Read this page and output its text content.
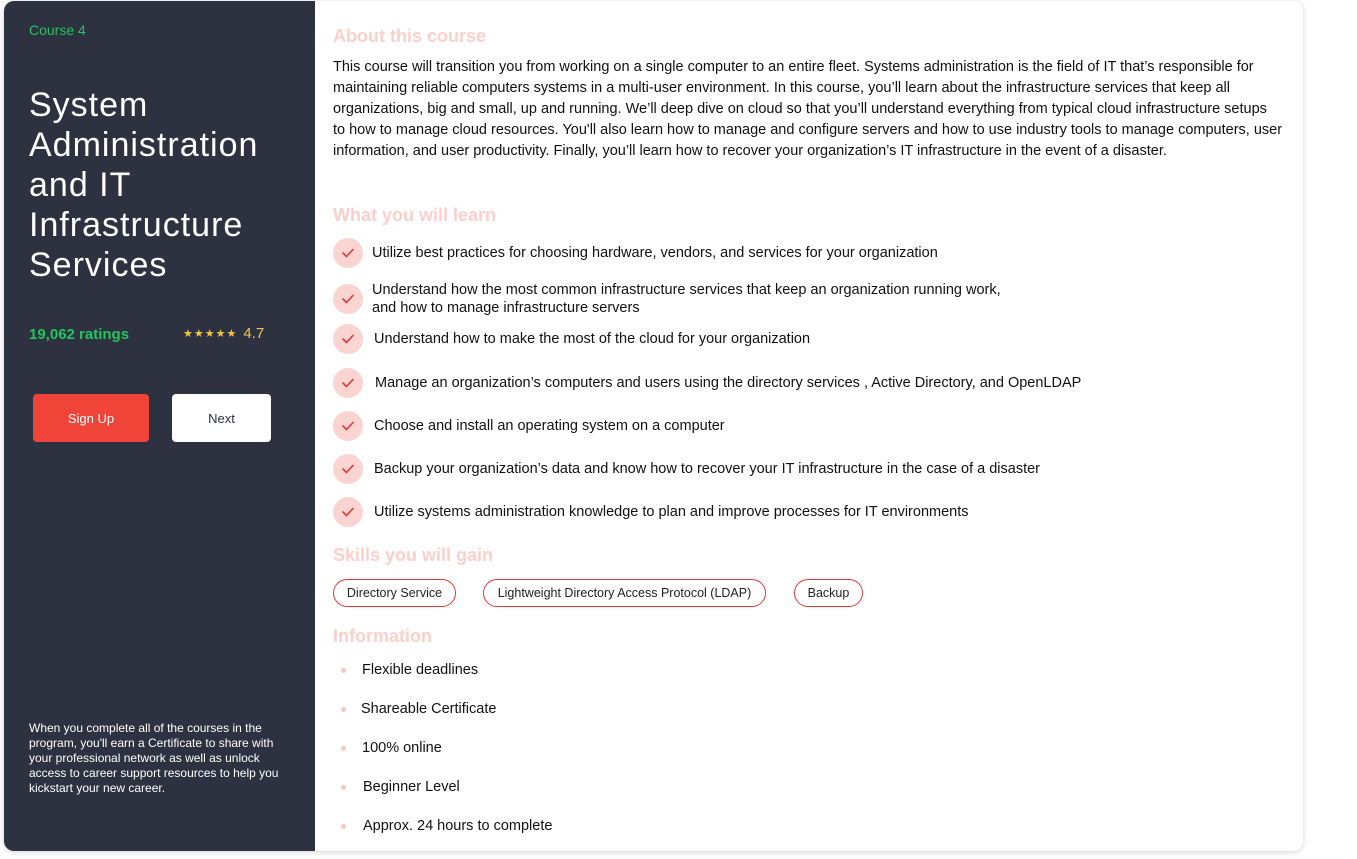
Course 4
System Administration and IT Infrastructure Services
19,062 ratings	★★★★★ 4.7
Sign Up	Next

When you complete all of the courses in the program, you'll earn a Certificate to share with your professional network as well as unlock access to career support resources to help you kickstart your new career.

About this course

This course will transition you from working on a single computer to an entire fleet. Systems administration is the field of IT that’s responsible for maintaining reliable computers systems in a multi-user environment. In this course, you’ll learn about the infrastructure services that keep all organizations, big and small, up and running. We’ll deep dive on cloud so that you’ll understand everything from typical cloud infrastructure setups to how to manage cloud resources. You'll also learn how to manage and configure servers and how to use industry tools to manage computers, user information, and user productivity. Finally, you’ll learn how to recover your organization’s IT infrastructure in the event of a disaster.

What you will learn
Utilize best practices for choosing hardware, vendors, and services for your organization
Understand how the most common infrastructure services that keep an organization running work,
and how to manage infrastructure servers
Understand how to make the most of the cloud for your organization
Manage an organization’s computers and users using the directory services , Active Directory, and OpenLDAP
Choose and install an operating system on a computer
Backup your organization’s data and know how to recover your IT infrastructure in the case of a disaster
Utilize systems administration knowledge to plan and improve processes for IT environments
Skills you will gain
Directory Service	Lightweight Directory Access Protocol (LDAP)	Backup
Information
Flexible deadlines
Shareable Certificate
100% online
Beginner Level
Approx. 24 hours to complete
